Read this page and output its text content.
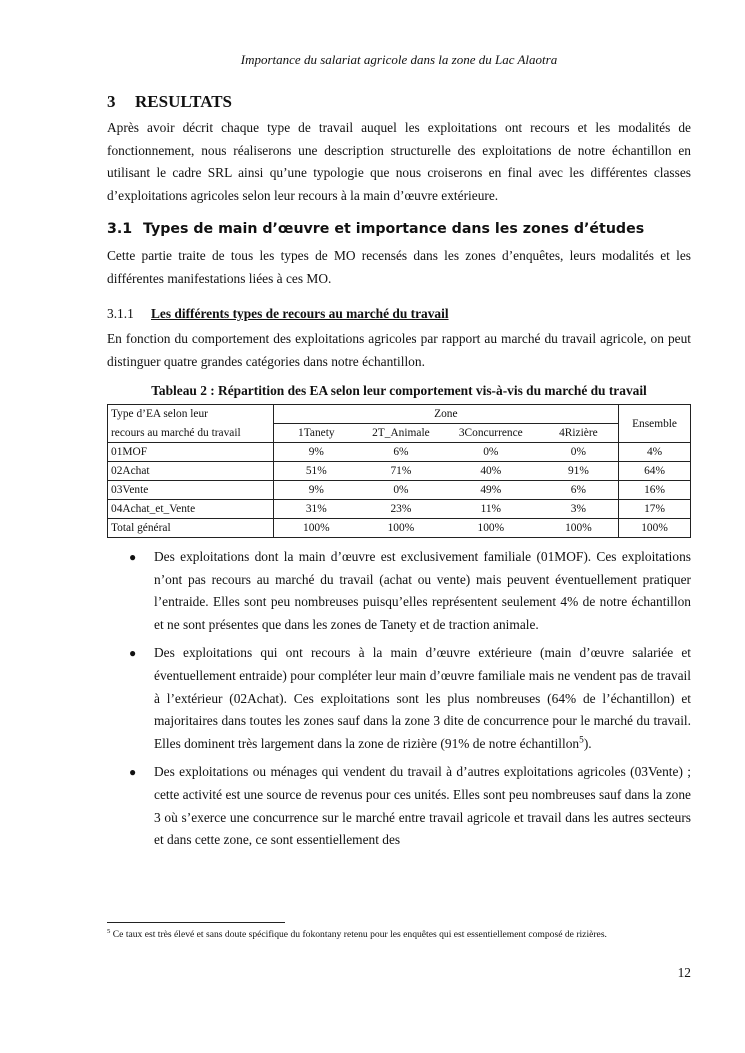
Importance du salariat agricole dans la zone du Lac Alaotra
3 RESULTATS
Après avoir décrit chaque type de travail auquel les exploitations ont recours et les modalités de fonctionnement, nous réaliserons une description structurelle des exploitations de notre échantillon en utilisant le cadre SRL ainsi qu’une typologie que nous croiserons en final avec les différentes classes d’exploitations agricoles selon leur recours à la main d’œuvre extérieure.
3.1 Types de main d’œuvre et importance dans les zones d’études
Cette partie traite de tous les types de MO recensés dans les zones d’enquêtes, leurs modalités et les différentes manifestations liées à ces MO.
3.1.1 Les différents types de recours au marché du travail
En fonction du comportement des exploitations agricoles par rapport au marché du travail agricole, on peut distinguer quatre grandes catégories dans notre échantillon.
Tableau 2 : Répartition des EA selon leur comportement vis-à-vis du marché du travail
Type d’EA selon leur	Zone				Ensemble
recours au marché du travail	1Tanety	2T_Animale	3Concurrence	4Rizière	
01MOF	9%	6%	0%	0%	4%
02Achat	51%	71%	40%	91%	64%
03Vente	9%	0%	49%	6%	16%
04Achat_et_Vente	31%	23%	11%	3%	17%
Total général	100%	100%	100%	100%	100%
● Des exploitations dont la main d’œuvre est exclusivement familiale (01MOF). Ces exploitations n’ont pas recours au marché du travail (achat ou vente) mais peuvent éventuellement pratiquer l’entraide. Elles sont peu nombreuses puisqu’elles représentent seulement 4% de notre échantillon et ne sont présentes que dans les zones de Tanety et de traction animale.
● Des exploitations qui ont recours à la main d’œuvre extérieure (main d’œuvre salariée et éventuellement entraide) pour compléter leur main d’œuvre familiale mais ne vendent pas de travail à l’extérieur (02Achat). Ces exploitations sont les plus nombreuses (64% de l’échantillon) et majoritaires dans toutes les zones sauf dans la zone 3 dite de concurrence pour le marché du travail. Elles dominent très largement dans la zone de rizière (91% de notre échantillon$^5$).
● Des exploitations ou ménages qui vendent du travail à d’autres exploitations agricoles (03Vente) ; cette activité est une source de revenus pour ces unités. Elles sont peu nombreuses sauf dans la zone 3 où s’exerce une concurrence sur le marché entre travail agricole et travail dans les autres secteurs et dans cette zone, ce sont essentiellement des
$^5$ Ce taux est très élevé et sans doute spécifique du fokontany retenu pour les enquêtes qui est essentiellement composé de rizières.
12
